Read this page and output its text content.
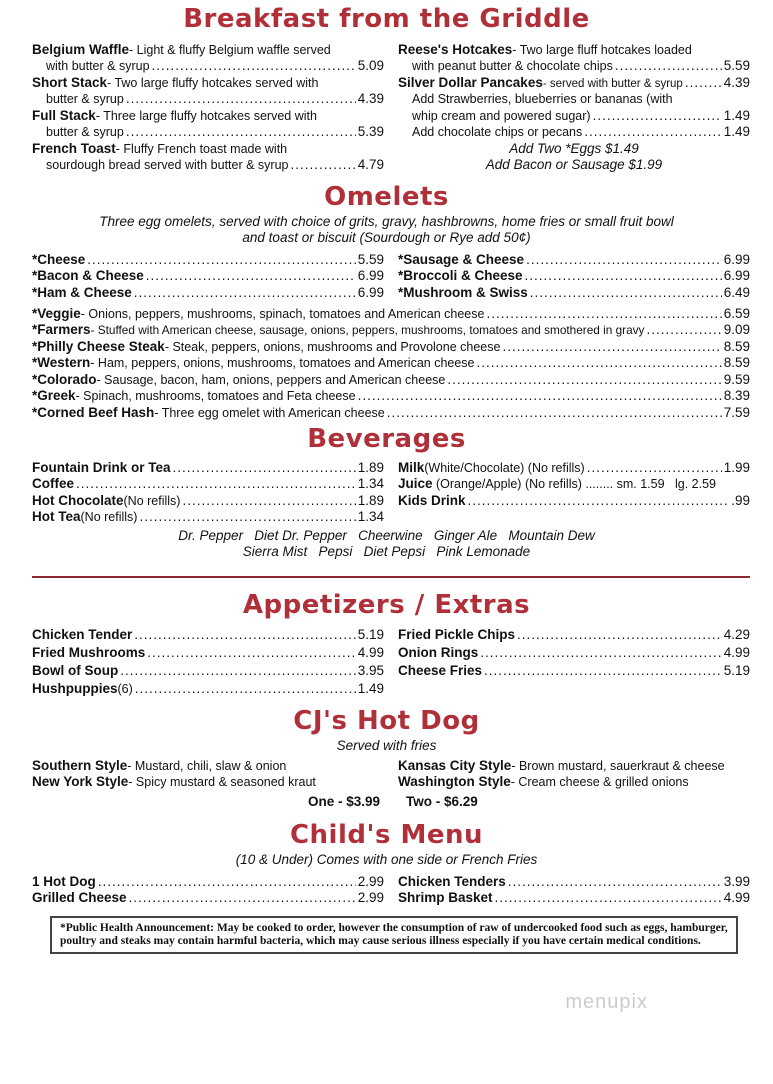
Breakfast from the Griddle
Belgium Waffle - Light & fluffy Belgium waffle served
with butter & syrup .....	5.09
Short Stack - Two large fluffy hotcakes served with
butter & syrup .....	4.39
Full Stack - Three large fluffy hotcakes served with
butter & syrup .....	5.39
French Toast - Fluffy French toast made with
sourdough bread served with butter & syrup .....	4.79
Reese's Hotcakes - Two large fluff hotcakes loaded
with peanut butter & chocolate chips .....	5.59
Silver Dollar Pancakes - served with butter & syrup .....	4.39
Add Strawberries, blueberries or bananas (with
whip cream and powered sugar) .....	1.49
Add chocolate chips or pecans .....	1.49
Add Two *Eggs $1.49
Add Bacon or Sausage $1.99
Omelets
Three egg omelets, served with choice of grits, gravy, hashbrowns, home fries or small fruit bowl
and toast or biscuit (Sourdough or Rye add 50¢)
*Cheese .....	5.59
*Bacon & Cheese .....	6.99
*Ham & Cheese .....	6.99
*Sausage & Cheese .....	6.99
*Broccoli & Cheese .....	6.99
*Mushroom & Swiss .....	6.49
*Veggie - Onions, peppers, mushrooms, spinach, tomatoes and American cheese .....	6.59
*Farmers - Stuffed with American cheese, sausage, onions, peppers, mushrooms, tomatoes and smothered in gravy .....	9.09
*Philly Cheese Steak - Steak, peppers, onions, mushrooms and Provolone cheese .....	8.59
*Western - Ham, peppers, onions, mushrooms, tomatoes and American cheese .....	8.59
*Colorado - Sausage, bacon, ham, onions, peppers and American cheese .....	9.59
*Greek - Spinach, mushrooms, tomatoes and Feta cheese .....	8.39
*Corned Beef Hash - Three egg omelet with American cheese .....	7.59
Beverages
Fountain Drink or Tea .....	1.89
Coffee .....	1.34
Hot Chocolate (No refills) .....	1.89
Hot Tea (No refills) .....	1.34
Milk (White/Chocolate) (No refills) .....	1.99
Juice (Orange/Apple) (No refills) ........ sm. 1.59   lg. 2.59
Kids Drink .....	.99
Dr. Pepper   Diet Dr. Pepper   Cheerwine   Ginger Ale   Mountain Dew
Sierra Mist   Pepsi   Diet Pepsi   Pink Lemonade
Appetizers / Extras
Chicken Tender .....	5.19
Fried Mushrooms .....	4.99
Bowl of Soup .....	3.95
Hushpuppies (6) .....	1.49
Fried Pickle Chips .....	4.29
Onion Rings .....	4.99
Cheese Fries .....	5.19
CJ's Hot Dog
Served with fries
Southern Style - Mustard, chili, slaw & onion
New York Style - Spicy mustard & seasoned kraut
Kansas City Style - Brown mustard, sauerkraut & cheese
Washington Style - Cream cheese & grilled onions
One - $3.99 Two - $6.29
Child's Menu
(10 & Under) Comes with one side or French Fries
1 Hot Dog .....	2.99
Grilled Cheese .....	2.99
Chicken Tenders .....	3.99
Shrimp Basket .....	4.99
*Public Health Announcement: May be cooked to order, however the consumption of raw of undercooked food such as eggs, hamburger, poultry and steaks may contain harmful bacteria, which may cause serious illness especially if you have certain medical conditions.
menupix
